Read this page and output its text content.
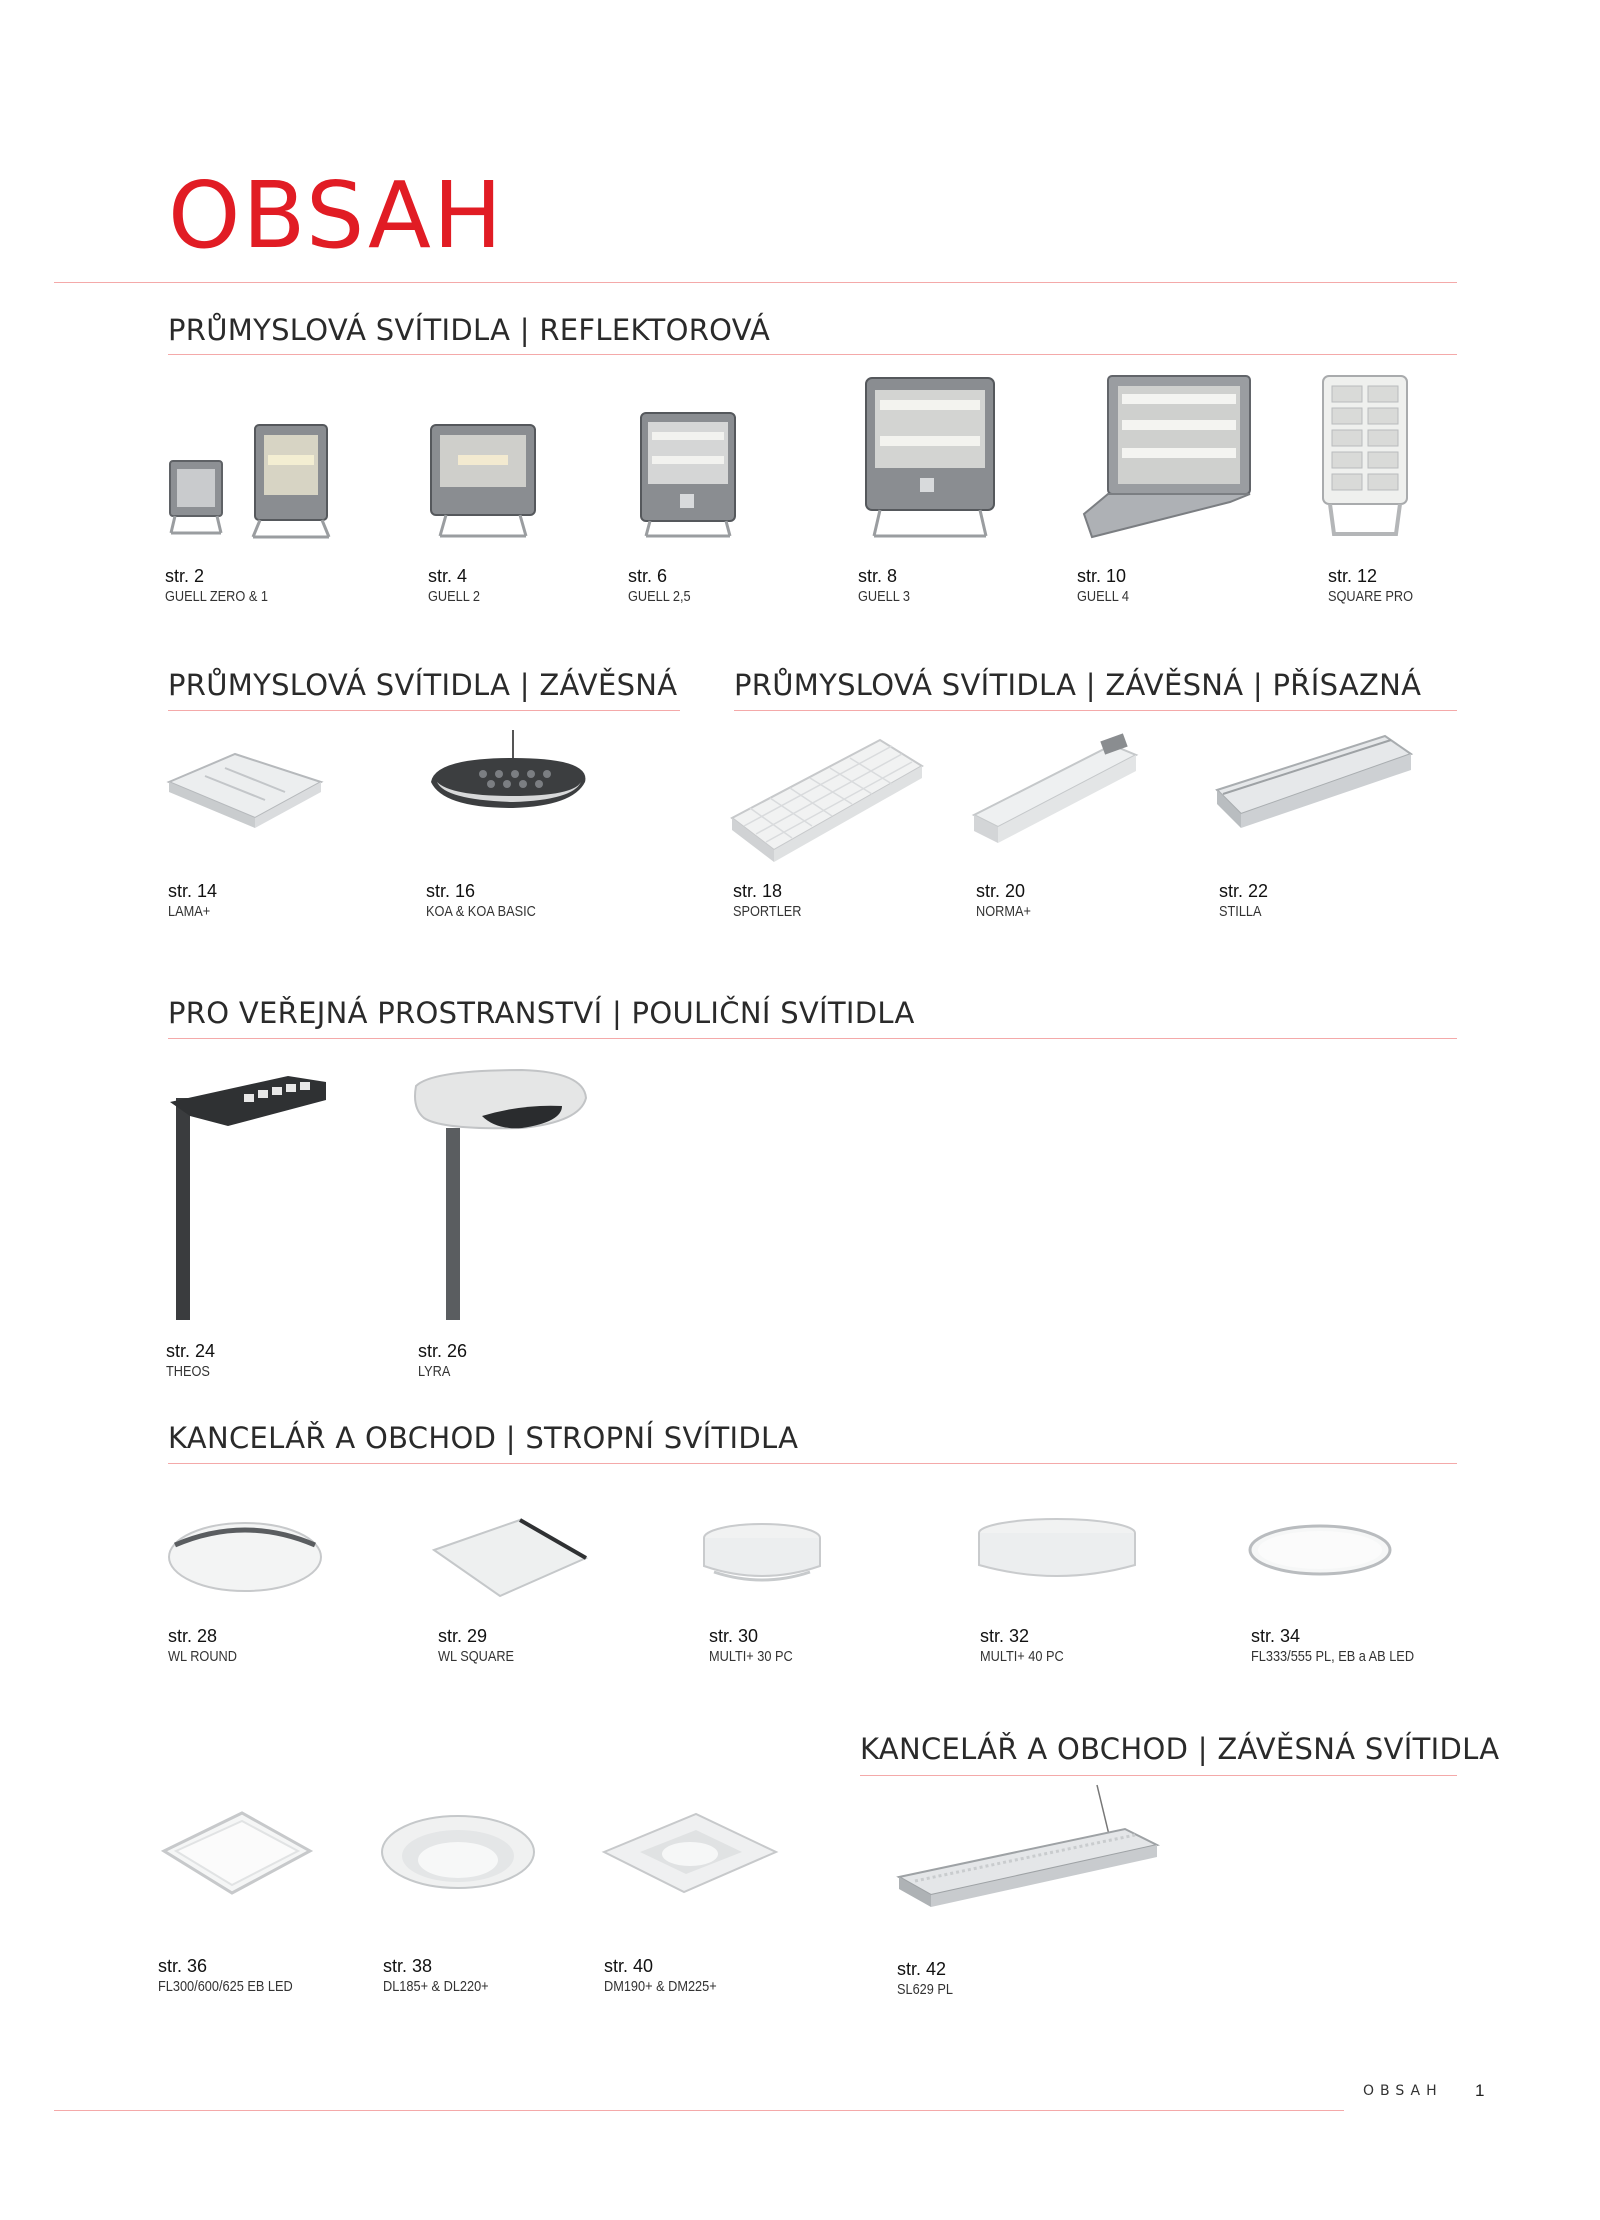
OBSAH
PRŮMYSLOVÁ SVÍTIDLA | REFLEKTOROVÁ
PRŮMYSLOVÁ SVÍTIDLA | ZÁVĚSNÁ PRŮMYSLOVÁ SVÍTIDLA | ZÁVĚSNÁ | PŘÍSAZNÁ
PRO VEŘEJNÁ PROSTRANSTVÍ | POULIČNÍ SVÍTIDLA
KANCELÁŘ A OBCHOD | STROPNÍ SVÍTIDLA
KANCELÁŘ A OBCHOD | ZÁVĚSNÁ SVÍTIDLA
str. 2
GUELL ZERO & 1
str. 4
GUELL 2
str. 6
GUELL 2,5
str. 8
GUELL 3
str. 10
GUELL 4
str. 12
SQUARE PRO
str. 14
LAMA+
str. 16
KOA & KOA BASIC
str. 18
SPORTLER
str. 20
NORMA+
str. 22
STILLA
str. 24
THEOS
str. 26
LYRA
str. 28
WL ROUND
str. 29
WL SQUARE
str. 30
MULTI+ 30 PC
str. 32
MULTI+ 40 PC
str. 34
FL333/555 PL, EB a AB LED
str. 36
FL300/600/625 EB LED
str. 38
DL185+ & DL220+
str. 40
DM190+ & DM225+
str. 42
SL629 PL
OBSAH 1
